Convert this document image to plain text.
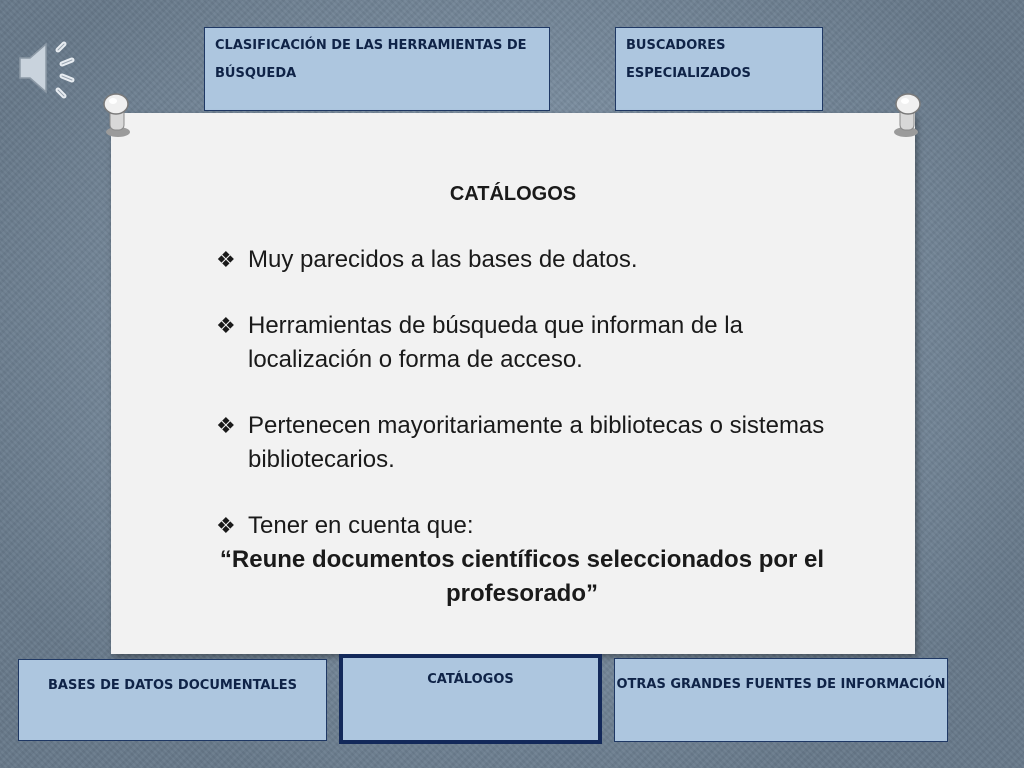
CLASIFICACIÓN DE LAS HERRAMIENTAS DE BÚSQUEDA
BUSCADORES ESPECIALIZADOS
CATÁLOGOS
❖ Muy parecidos a las bases de datos.
❖ Herramientas de búsqueda que informan de la localización o forma de acceso.
❖ Pertenecen mayoritariamente a bibliotecas o sistemas bibliotecarios.
❖ Tener en cuenta que:
“Reune documentos científicos seleccionados por el profesorado”
BASES DE DATOS DOCUMENTALES	CATÁLOGOS	OTRAS GRANDES FUENTES DE INFORMACIÓN
